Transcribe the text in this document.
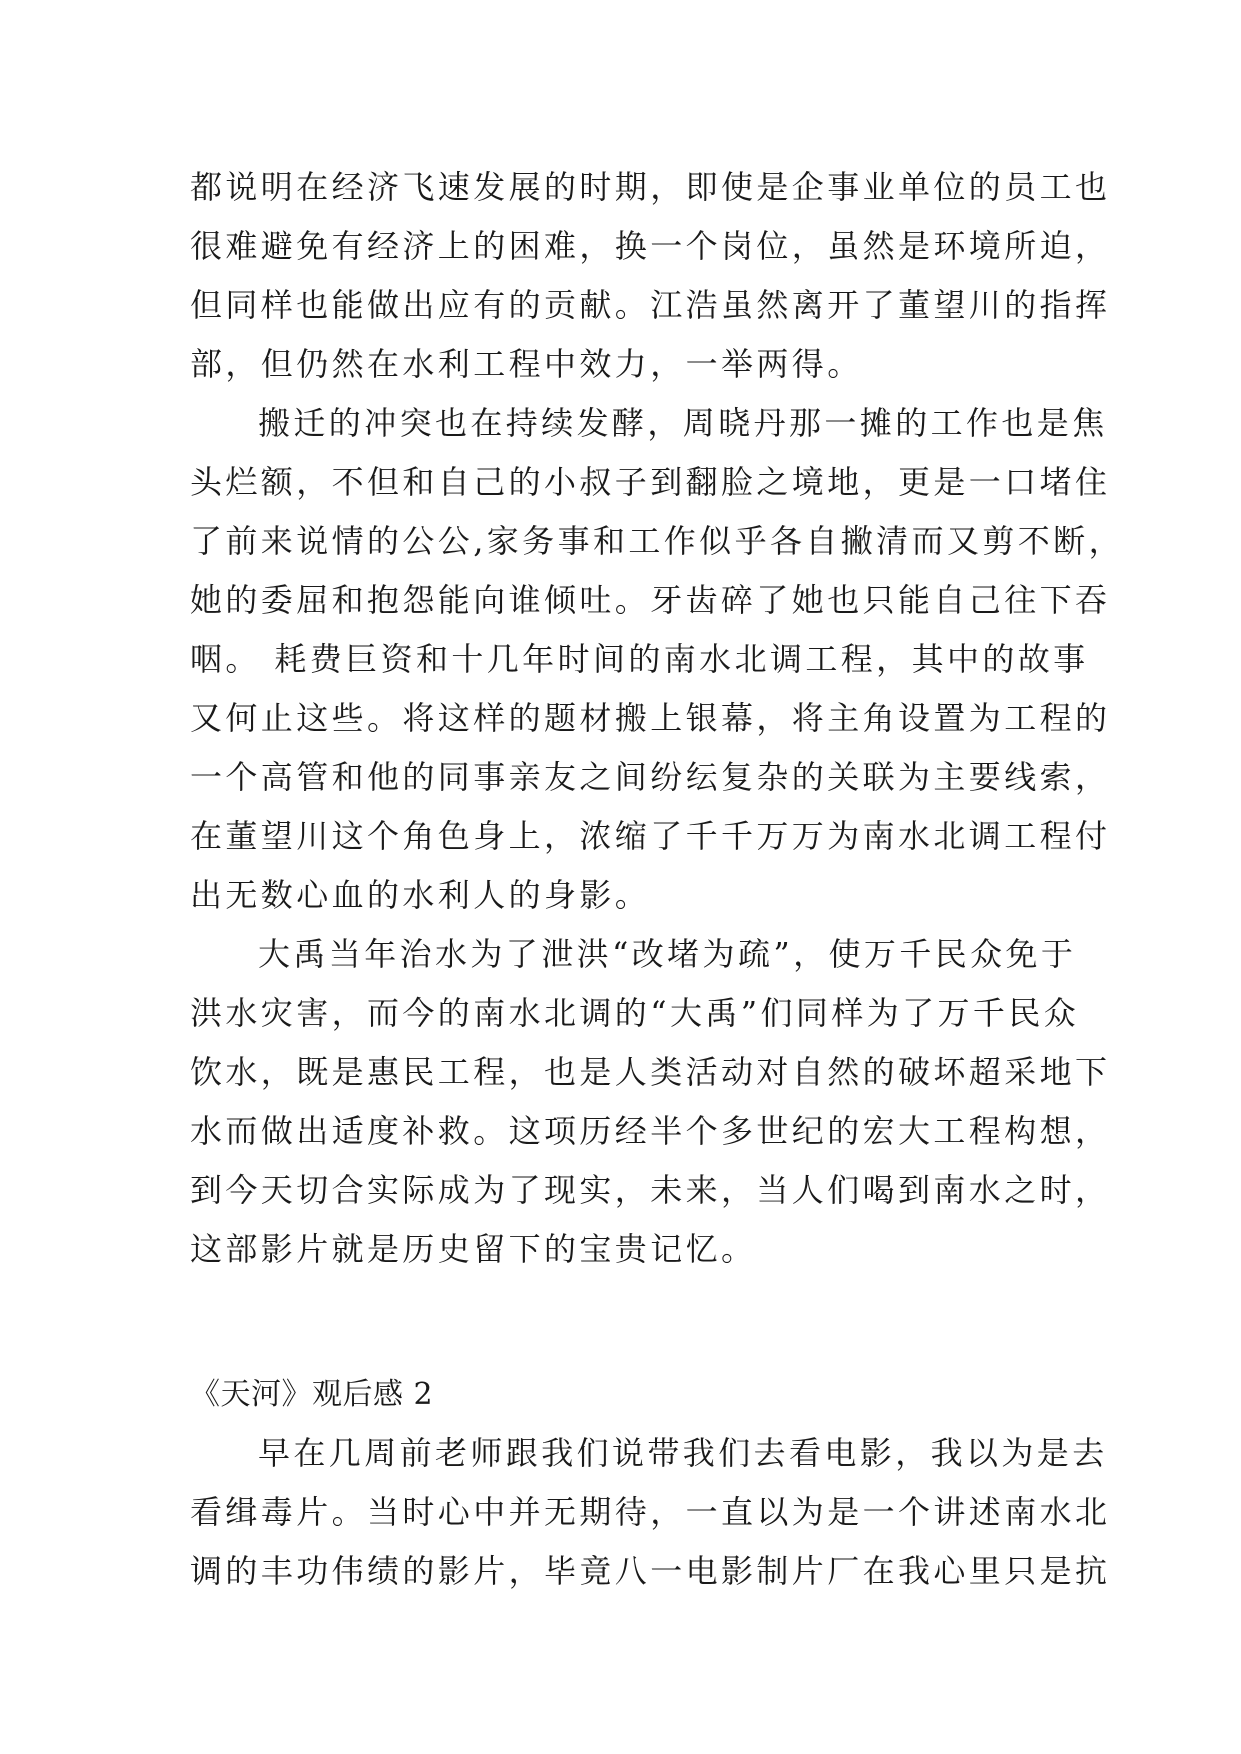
都说明在经济飞速发展的时期，即使是企事业单位的员工也
很难避免有经济上的困难，换一个岗位，虽然是环境所迫，
但同样也能做出应有的贡献。江浩虽然离开了董望川的指挥
部，但仍然在水利工程中效力，一举两得。
搬迁的冲突也在持续发酵，周晓丹那一摊的工作也是焦
头烂额，不但和自己的小叔子到翻脸之境地，更是一口堵住
了前来说情的公公,家务事和工作似乎各自撇清而又剪不断，
她的委屈和抱怨能向谁倾吐。牙齿碎了她也只能自己往下吞
咽。 耗费巨资和十几年时间的南水北调工程，其中的故事
又何止这些。将这样的题材搬上银幕，将主角设置为工程的
一个高管和他的同事亲友之间纷纭复杂的关联为主要线索，
在董望川这个角色身上，浓缩了千千万万为南水北调工程付
出无数心血的水利人的身影。
大禹当年治水为了泄洪“改堵为疏”，使万千民众免于
洪水灾害，而今的南水北调的“大禹”们同样为了万千民众
饮水，既是惠民工程，也是人类活动对自然的破坏超采地下
水而做出适度补救。这项历经半个多世纪的宏大工程构想，
到今天切合实际成为了现实，未来，当人们喝到南水之时，
这部影片就是历史留下的宝贵记忆。
《天河》观后感 2
早在几周前老师跟我们说带我们去看电影，我以为是去
看缉毒片。当时心中并无期待，一直以为是一个讲述南水北
调的丰功伟绩的影片，毕竟八一电影制片厂在我心里只是抗
